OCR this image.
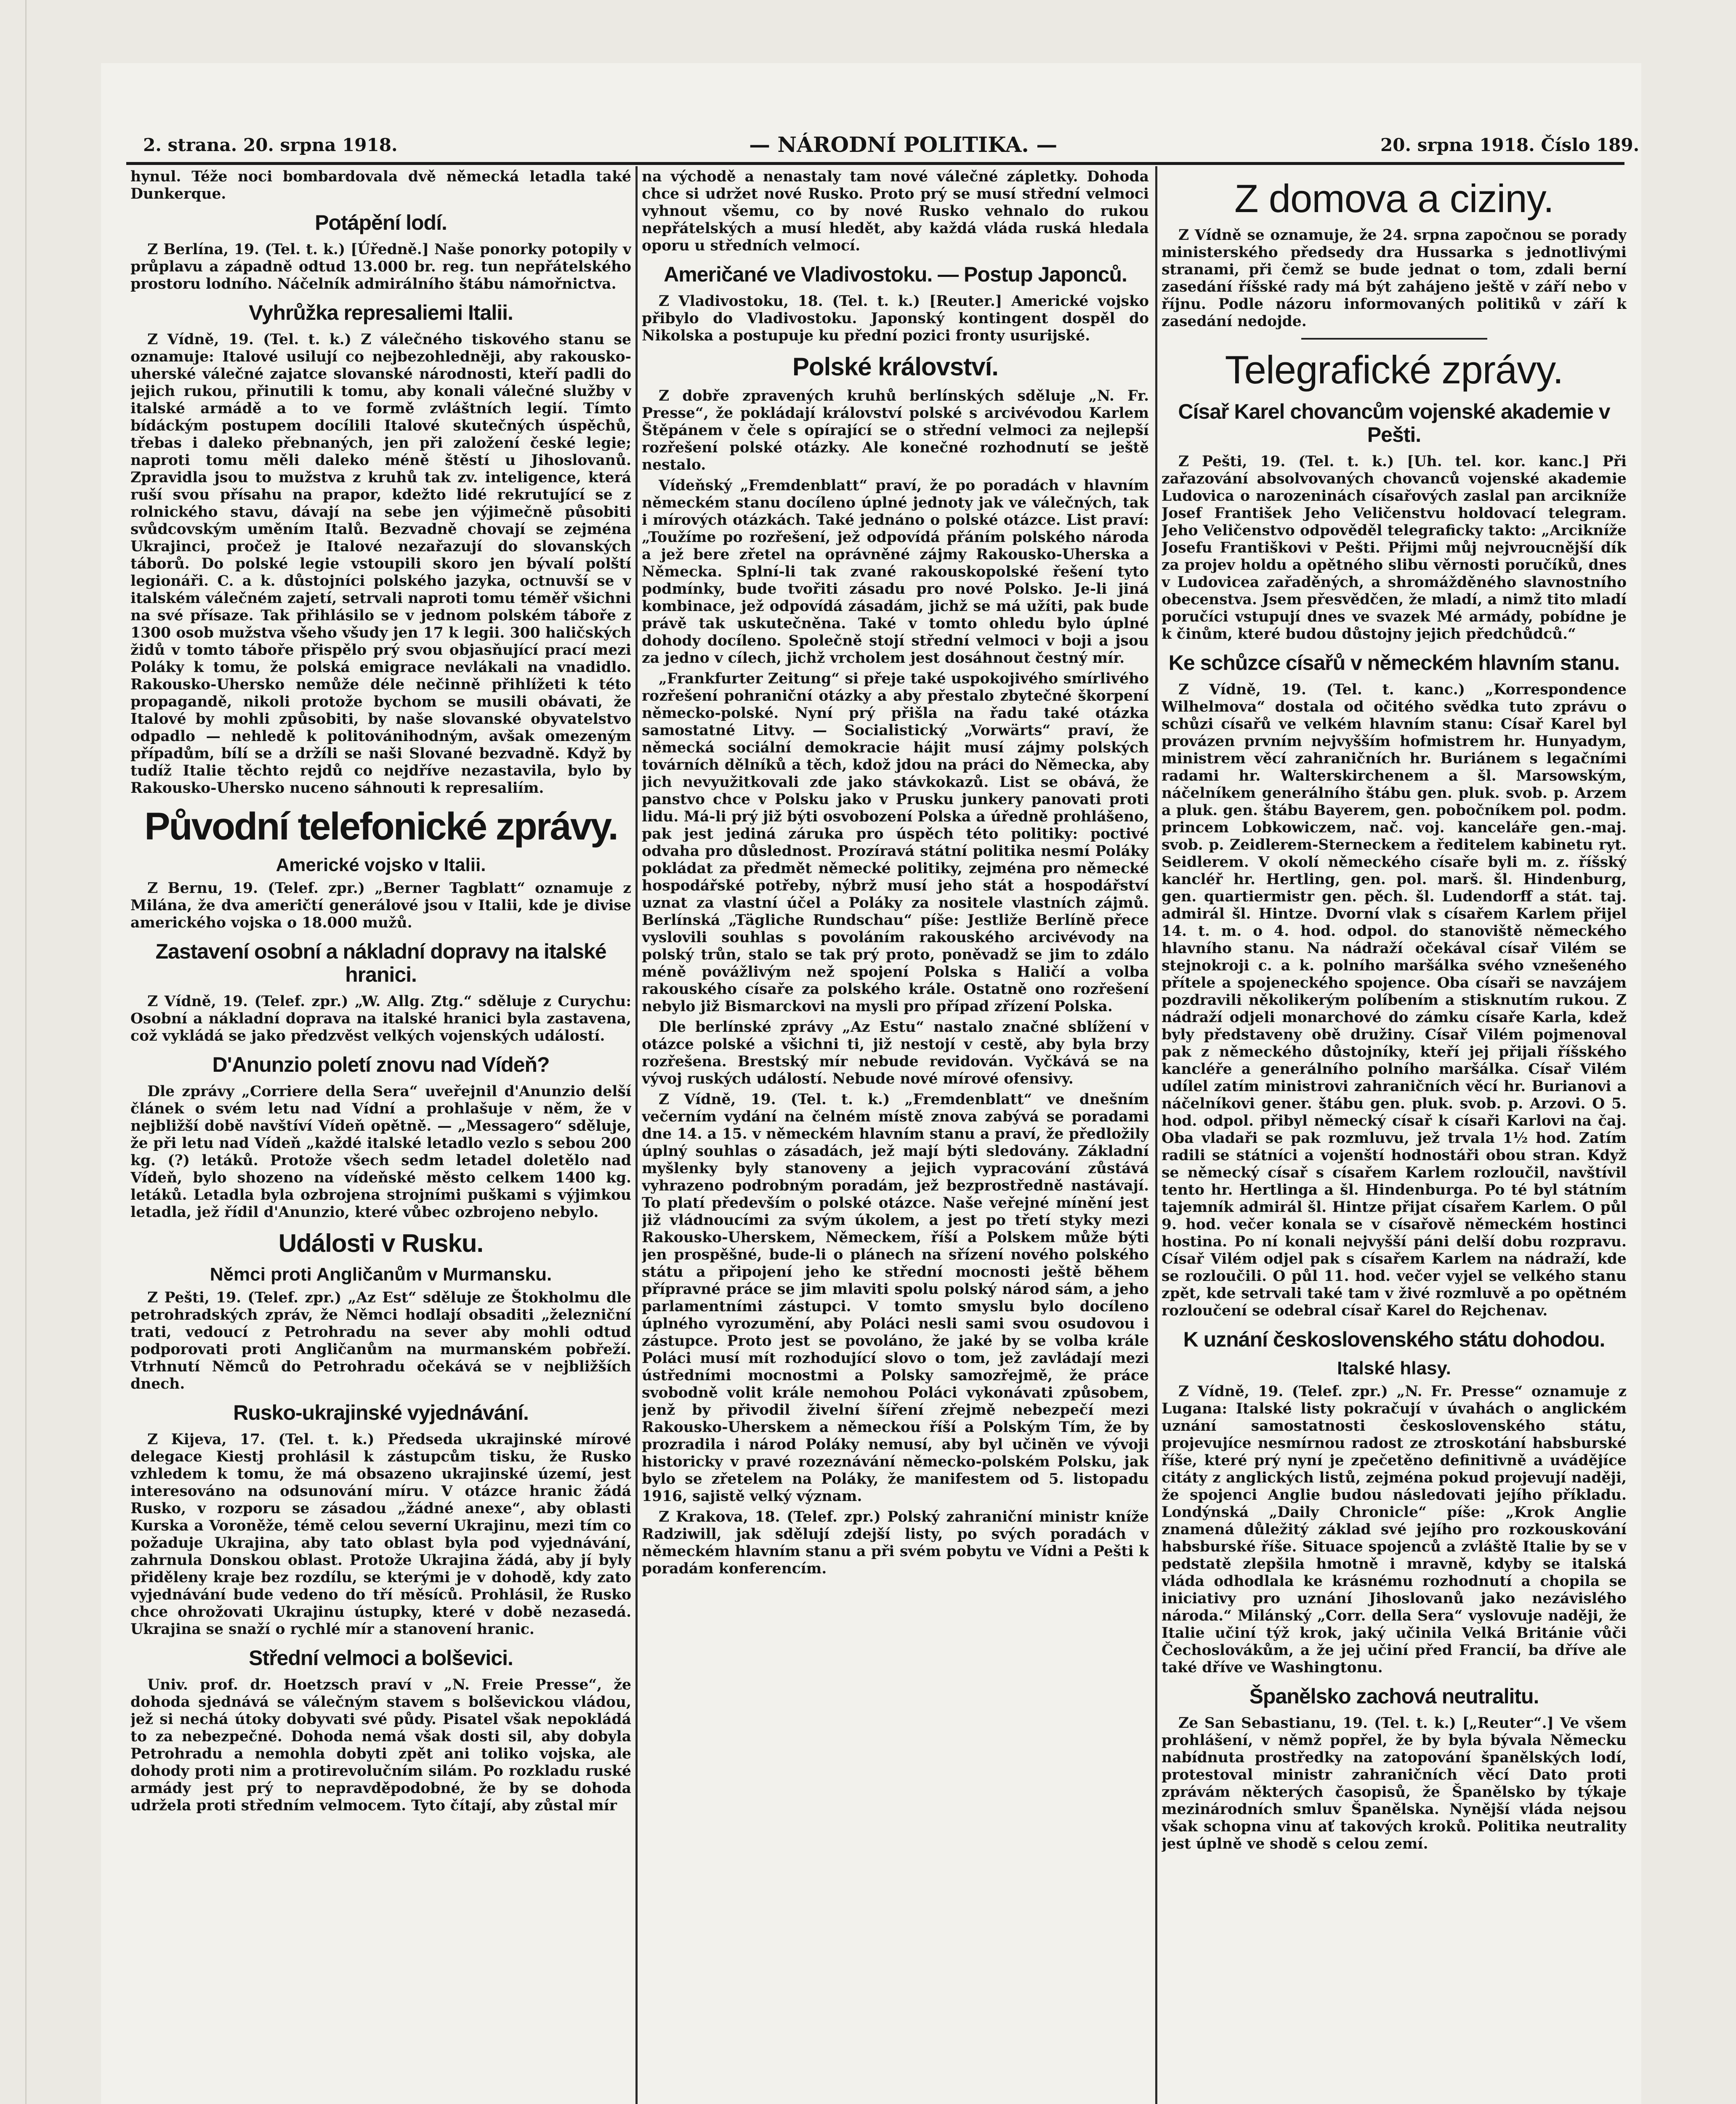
2. strana. 20. srpna 1918.	— NÁRODNÍ POLITIKA. —	20. srpna 1918. Číslo 189.

hynul. Téže noci bombardovala dvě německá letadla také Dunkerque.

Potápění lodí.

Z Berlína, 19. (Tel. t. k.) [Úředně.] Naše ponorky potopily v průplavu a západně odtud 13.000 br. reg. tun nepřátelského prostoru lodního. Náčelník admirálního štábu námořnictva.

Vyhrůžka represaliemi Italii.

Z Vídně, 19. (Tel. t. k.) Z válečného tiskového stanu se oznamuje: Italové usilují co nejbezohledněji, aby rakousko-uherské válečné zajatce slovanské národnosti, kteří padli do jejich rukou, přinutili k tomu, aby konali válečné služby v italské armádě a to ve formě zvláštních legií. Tímto bídáckým postupem docílili Italové skutečných úspěchů, třebas i daleko přebnaných, jen při založení české legie; naproti tomu měli daleko méně štěstí u Jihoslovanů. Zpravidla jsou to mužstva z kruhů tak zv. inteligence, která ruší svou přísahu na prapor, kdežto lidé rekrutující se z rolnického stavu, dávají na sebe jen výjimečně působiti svůdcovským uměním Italů. Bezvadně chovají se zejména Ukrajinci, pročež je Italové nezařazují do slovanských táborů. Do polské legie vstoupili skoro jen bývalí polští legionáři. C. a k. důstojníci polského jazyka, octnuvší se v italském válečném zajetí, setrvali naproti tomu téměř všichni na své přísaze. Tak přihlásilo se v jednom polském táboře z 1300 osob mužstva všeho všudy jen 17 k legii. 300 haličských židů v tomto táboře přispělo prý svou objasňující prací mezi Poláky k tomu, že polská emigrace nevlákali na vnadidlo. Rakousko-Uhersko nemůže déle nečinně přihlížeti k této propagandě, nikoli protože bychom se musili obávati, že Italové by mohli způsobiti, by naše slovanské obyvatelstvo odpadlo — nehledě k politovánihodným, avšak omezeným případům, bílí se a držíli se naši Slované bezvadně. Když by tudíž Italie těchto rejdů co nejdříve nezastavila, bylo by Rakousko-Uhersko nuceno sáhnouti k represaliím.

Původní telefonické zprávy.
Americké vojsko v Italii.

Z Bernu, 19. (Telef. zpr.) „Berner Tagblatt“ oznamuje z Milána, že dva američtí generálové jsou v Italii, kde je divise amerického vojska o 18.000 mužů.

Zastavení osobní a nákladní dopravy na italské hranici.

Z Vídně, 19. (Telef. zpr.) „W. Allg. Ztg.“ sděluje z Curychu: Osobní a nákladní doprava na italské hranici byla zastavena, což vykládá se jako předzvěst velkých vojenských událostí.

D'Anunzio poletí znovu nad Vídeň?

Dle zprávy „Corriere della Sera“ uveřejnil d'Anunzio delší článek o svém letu nad Vídní a prohlašuje v něm, že v nejbližší době navštíví Vídeň opětně. — „Messagero“ sděluje, že při letu nad Vídeň „každé italské letadlo vezlo s sebou 200 kg. (?) letáků. Protože všech sedm letadel doletělo nad Vídeň, bylo shozeno na vídeňské město celkem 1400 kg. letáků. Letadla byla ozbrojena strojními puškami s výjimkou letadla, jež řídil d'Anunzio, které vůbec ozbrojeno nebylo.

Události v Rusku.
Němci proti Angličanům v Murmansku.

Z Pešti, 19. (Telef. zpr.) „Az Est“ sděluje ze Štokholmu dle petrohradských zpráv, že Němci hodlají obsaditi „železniční trati, vedoucí z Petrohradu na sever aby mohli odtud podporovati proti Angličanům na murmanském pobřeží. Vtrhnutí Němců do Petrohradu očekává se v nejbližších dnech.

Rusko-ukrajinské vyjednávání.

Z Kijeva, 17. (Tel. t. k.) Předseda ukrajinské mírové delegace Kiestj prohlásil k zástupcům tisku, že Rusko vzhledem k tomu, že má obsazeno ukrajinské území, jest interesováno na odsunování míru. V otázce hranic žádá Rusko, v rozporu se zásadou „žádné anexe“, aby oblasti Kurska a Voroněže, témě celou severní Ukrajinu, mezi tím co požaduje Ukrajina, aby tato oblast byla pod vyjednávání, zahrnula Donskou oblast. Protože Ukrajina žádá, aby jí byly přiděleny kraje bez rozdílu, se kterými je v dohodě, kdy zato vyjednávání bude vedeno do tří měsíců. Prohlásil, že Rusko chce ohrožovati Ukrajinu ústupky, které v době nezasedá. Ukrajina se snaží o rychlé mír a stanovení hranic.

Střední velmoci a bolševici.

Univ. prof. dr. Hoetzsch praví v „N. Freie Presse“, že dohoda sjednává se válečným stavem s bolševickou vládou, jež si nechá útoky dobyvati své půdy. Pisatel však nepokládá to za nebezpečné. Dohoda nemá však dosti sil, aby dobyla Petrohradu a nemohla dobyti zpět ani toliko vojska, ale dohody proti nim a protirevolučním silám. Po rozkladu ruské armády jest prý to nepravděpodobné, že by se dohoda udržela proti středním velmocem. Tyto čítají, aby zůstal mír

na východě a nenastaly tam nové válečné zápletky. Dohoda chce si udržet nové Rusko. Proto prý se musí střední velmoci vyhnout všemu, co by nové Rusko vehnalo do rukou nepřátelských a musí hledět, aby každá vláda ruská hledala oporu u středních velmocí.

Američané ve Vladivostoku. — Postup Japonců.

Z Vladivostoku, 18. (Tel. t. k.) [Reuter.] Americké vojsko přibylo do Vladivostoku. Japonský kontingent dospěl do Nikolska a postupuje ku přední pozici fronty usurijské.

Polské království.

Z dobře zpravených kruhů berlínských sděluje „N. Fr. Presse“, že pokládají království polské s arcivévodou Karlem Štěpánem v čele s opírající se o střední velmoci za nejlepší rozřešení polské otázky. Ale konečné rozhodnutí se ještě nestalo.

Vídeňský „Fremdenblatt“ praví, že po poradách v hlavním německém stanu docíleno úplné jednoty jak ve válečných, tak i mírových otázkách. Také jednáno o polské otázce. List praví: „Toužíme po rozřešení, jež odpovídá přáním polského národa a jež bere zřetel na oprávněné zájmy Rakousko-Uherska a Německa. Splní-li tak zvané rakouskopolské řešení tyto podmínky, bude tvořiti zásadu pro nové Polsko. Je-li jiná kombinace, jež odpovídá zásadám, jichž se má užíti, pak bude právě tak uskutečněna. Také v tomto ohledu bylo úplné dohody docíleno. Společně stojí střední velmoci v boji a jsou za jedno v cílech, jichž vrcholem jest dosáhnout čestný mír.

„Frankfurter Zeitung“ si přeje také uspokojivého smírlivého rozřešení pohraniční otázky a aby přestalo zbytečné škorpení německo-polské. Nyní prý přišla na řadu také otázka samostatné Litvy. — Socialistický „Vorwärts“ praví, že německá sociální demokracie hájit musí zájmy polských továrních dělníků a těch, kdož jdou na práci do Německa, aby jich nevyužitkovali zde jako stávkokazů. List se obává, že panstvo chce v Polsku jako v Prusku junkery panovati proti lidu. Má-li prý již býti osvobození Polska a úředně prohlášeno, pak jest jediná záruka pro úspěch této politiky: poctivé odvaha pro důslednost. Prozíravá státní politika nesmí Poláky pokládat za předmět německé politiky, zejména pro německé hospodářské potřeby, nýbrž musí jeho stát a hospodářství uznat za vlastní účel a Poláky za nositele vlastních zájmů. Berlínská „Tägliche Rundschau“ píše: Jestliže Berlíně přece vyslovili souhlas s povoláním rakouského arcivévody na polský trůn, stalo se tak prý proto, poněvadž se jim to zdálo méně povážlivým než spojení Polska s Haličí a volba rakouského císaře za polského krále. Ostatně ono rozřešení nebylo již Bismarckovi na mysli pro případ zřízení Polska.

Dle berlínské zprávy „Az Estu“ nastalo značné sblížení v otázce polské a všichni ti, již nestojí v cestě, aby byla brzy rozřešena. Brestský mír nebude revidován. Vyčkává se na vývoj ruských událostí. Nebude nové mírové ofensivy.

Z Vídně, 19. (Tel. t. k.) „Fremdenblatt“ ve dnešním večerním vydání na čelném místě znova zabývá se poradami dne 14. a 15. v německém hlavním stanu a praví, že předložily úplný souhlas o zásadách, jež mají býti sledovány. Základní myšlenky byly stanoveny a jejich vypracování zůstává vyhrazeno podrobným poradám, jež bezprostředně nastávají. To platí především o polské otázce. Naše veřejné mínění jest již vládnoucími za svým úkolem, a jest po třetí styky mezi Rakousko-Uherskem, Německem, říší a Polskem může býti jen prospěšné, bude-li o plánech na sřízení nového polského státu a připojení jeho ke střední mocnosti ještě během přípravné práce se jim mlaviti spolu polský národ sám, a jeho parlamentními zástupci. V tomto smyslu bylo docíleno úplného vyrozumění, aby Poláci nesli sami svou osudovou i zástupce. Proto jest se povoláno, že jaké by se volba krále Poláci musí mít rozhodující slovo o tom, jež zavládají mezi ústředními mocnostmi a Polsky samozřejmě, že práce svobodně volit krále nemohou Poláci vykonávati způsobem, jenž by přivodil živelní šíření zřejmě nebezpečí mezi Rakousko-Uherskem a německou říší a Polským Tím, že by prozradila i národ Poláky nemusí, aby byl učiněn ve vývoji historicky v pravé rozeznávání německo-polském Polsku, jak bylo se zřetelem na Poláky, že manifestem od 5. listopadu 1916, sajistě velký význam.

Z Krakova, 18. (Telef. zpr.) Polský zahraniční ministr kníže Radziwill, jak sdělují zdejší listy, po svých poradách v německém hlavním stanu a při svém pobytu ve Vídni a Pešti k poradám konferencím.

Z domova a ciziny.

Z Vídně se oznamuje, že 24. srpna započnou se porady ministerského předsedy dra Hussarka s jednotlivými stranami, při čemž se bude jednat o tom, zdali berní zasedání říšské rady má být zahájeno ještě v září nebo v říjnu. Podle názoru informovaných politiků v září k zasedání nedojde.

Telegrafické zprávy.
Císař Karel chovancům vojenské akademie v Pešti.

Z Pešti, 19. (Tel. t. k.) [Uh. tel. kor. kanc.] Při zařazování absolvovaných chovanců vojenské akademie Ludovica o narozeninách císařových zaslal pan arcikníže Josef František Jeho Veličenstvu holdovací telegram. Jeho Veličenstvo odpověděl telegraficky takto: „Arcikníže Josefu Františkovi v Pešti. Přijmi můj nejvroucnější dík za projev holdu a opětného slibu věrnosti poručíků, dnes v Ludovicea zařaděných, a shromážděného slavnostního obecenstva. Jsem přesvědčen, že mladí, a nimž tito mladí poručíci vstupují dnes ve svazek Mé armády, pobídne je k činům, které budou důstojny jejich předchůdců.“

Ke schůzce císařů v německém hlavním stanu.

Z Vídně, 19. (Tel. t. kanc.) „Korrespondence Wilhelmova“ dostala od očitého svědka tuto zprávu o schůzi císařů ve velkém hlavním stanu: Císař Karel byl provázen prvním nejvyšším hofmistrem hr. Hunyadym, ministrem věcí zahraničních hr. Buriánem s legačními radami hr. Walterskirchenem a šl. Marsowským, náčelníkem generálního štábu gen. pluk. svob. p. Arzem a pluk. gen. štábu Bayerem, gen. pobočníkem pol. podm. princem Lobkowiczem, nač. voj. kanceláře gen.-maj. svob. p. Zeidlerem-Sterneckem a ředitelem kabinetu ryt. Seidlerem. V okolí německého císaře byli m. z. říšský kancléř hr. Hertling, gen. pol. marš. šl. Hindenburg, gen. quartiermistr gen. pěch. šl. Ludendorff a stát. taj. admirál šl. Hintze. Dvorní vlak s císařem Karlem přijel 14. t. m. o 4. hod. odpol. do stanoviště německého hlavního stanu. Na nádraží očekával císař Vilém se stejnokroji c. a k. polního maršálka svého vznešeného přítele a spojeneckého spojence. Oba císaři se navzájem pozdravili několikerým políbením a stisknutím rukou. Z nádraží odjeli monarchové do zámku císaře Karla, kdež byly představeny obě družiny. Císař Vilém pojmenoval pak z německého důstojníky, kteří jej přijali říšského kancléře a generálního polního maršálka. Císař Vilém udílel zatím ministrovi zahraničních věcí hr. Burianovi a náčelníkovi gener. štábu gen. pluk. svob. p. Arzovi. O 5. hod. odpol. přibyl německý císař k císaři Karlovi na čaj. Oba vladaři se pak rozmluvu, jež trvala 1½ hod. Zatím radili se státníci a vojenští hodnostáři obou stran. Když se německý císař s císařem Karlem rozloučil, navštívil tento hr. Hertlinga a šl. Hindenburga. Po té byl státním tajemník admirál šl. Hintze přijat císařem Karlem. O půl 9. hod. večer konala se v císařově německém hostinci hostina. Po ní konali nejvyšší páni delší dobu rozpravu. Císař Vilém odjel pak s císařem Karlem na nádraží, kde se rozloučili. O půl 11. hod. večer vyjel se velkého stanu zpět, kde setrvali také tam v živé rozmluvě a po opětném rozloučení se odebral císař Karel do Rejchenav.

K uznání československého státu dohodou.
Italské hlasy.

Z Vídně, 19. (Telef. zpr.) „N. Fr. Presse“ oznamuje z Lugana: Italské listy pokračují v úvahách o anglickém uznání samostatnosti československého státu, projevujíce nesmírnou radost ze ztroskotání habsburské říše, které prý nyní je zpečetěno definitivně a uvádějíce citáty z anglických listů, zejména pokud projevují naději, že spojenci Anglie budou následovati jejího příkladu. Londýnská „Daily Chronicle“ píše: „Krok Anglie znamená důležitý základ své jejího pro rozkouskování habsburské říše. Situace spojenců a zvláště Italie by se v pedstatě zlepšila hmotně i mravně, kdyby se italská vláda odhodlala ke krásnému rozhodnutí a chopila se iniciativy pro uznání Jihoslovanů jako nezávislého národa.“ Milánský „Corr. della Sera“ vyslovuje naději, že Italie učiní týž krok, jaký učinila Velká Británie vůči Čechoslovákům, a že jej učiní před Francií, ba dříve ale také dříve ve Washingtonu.

Španělsko zachová neutralitu.

Ze San Sebastianu, 19. (Tel. t. k.) [„Reuter“.] Ve všem prohlášení, v němž popřel, že by byla bývala Německu nabídnuta prostředky na zatopování španělských lodí, protestoval ministr zahraničních věcí Dato proti zprávám některých časopisů, že Španělsko by týkaje mezinárodních smluv Španělska. Nynější vláda nejsou však schopna vinu ať takových kroků. Politika neutrality jest úplně ve shodě s celou zemí.
